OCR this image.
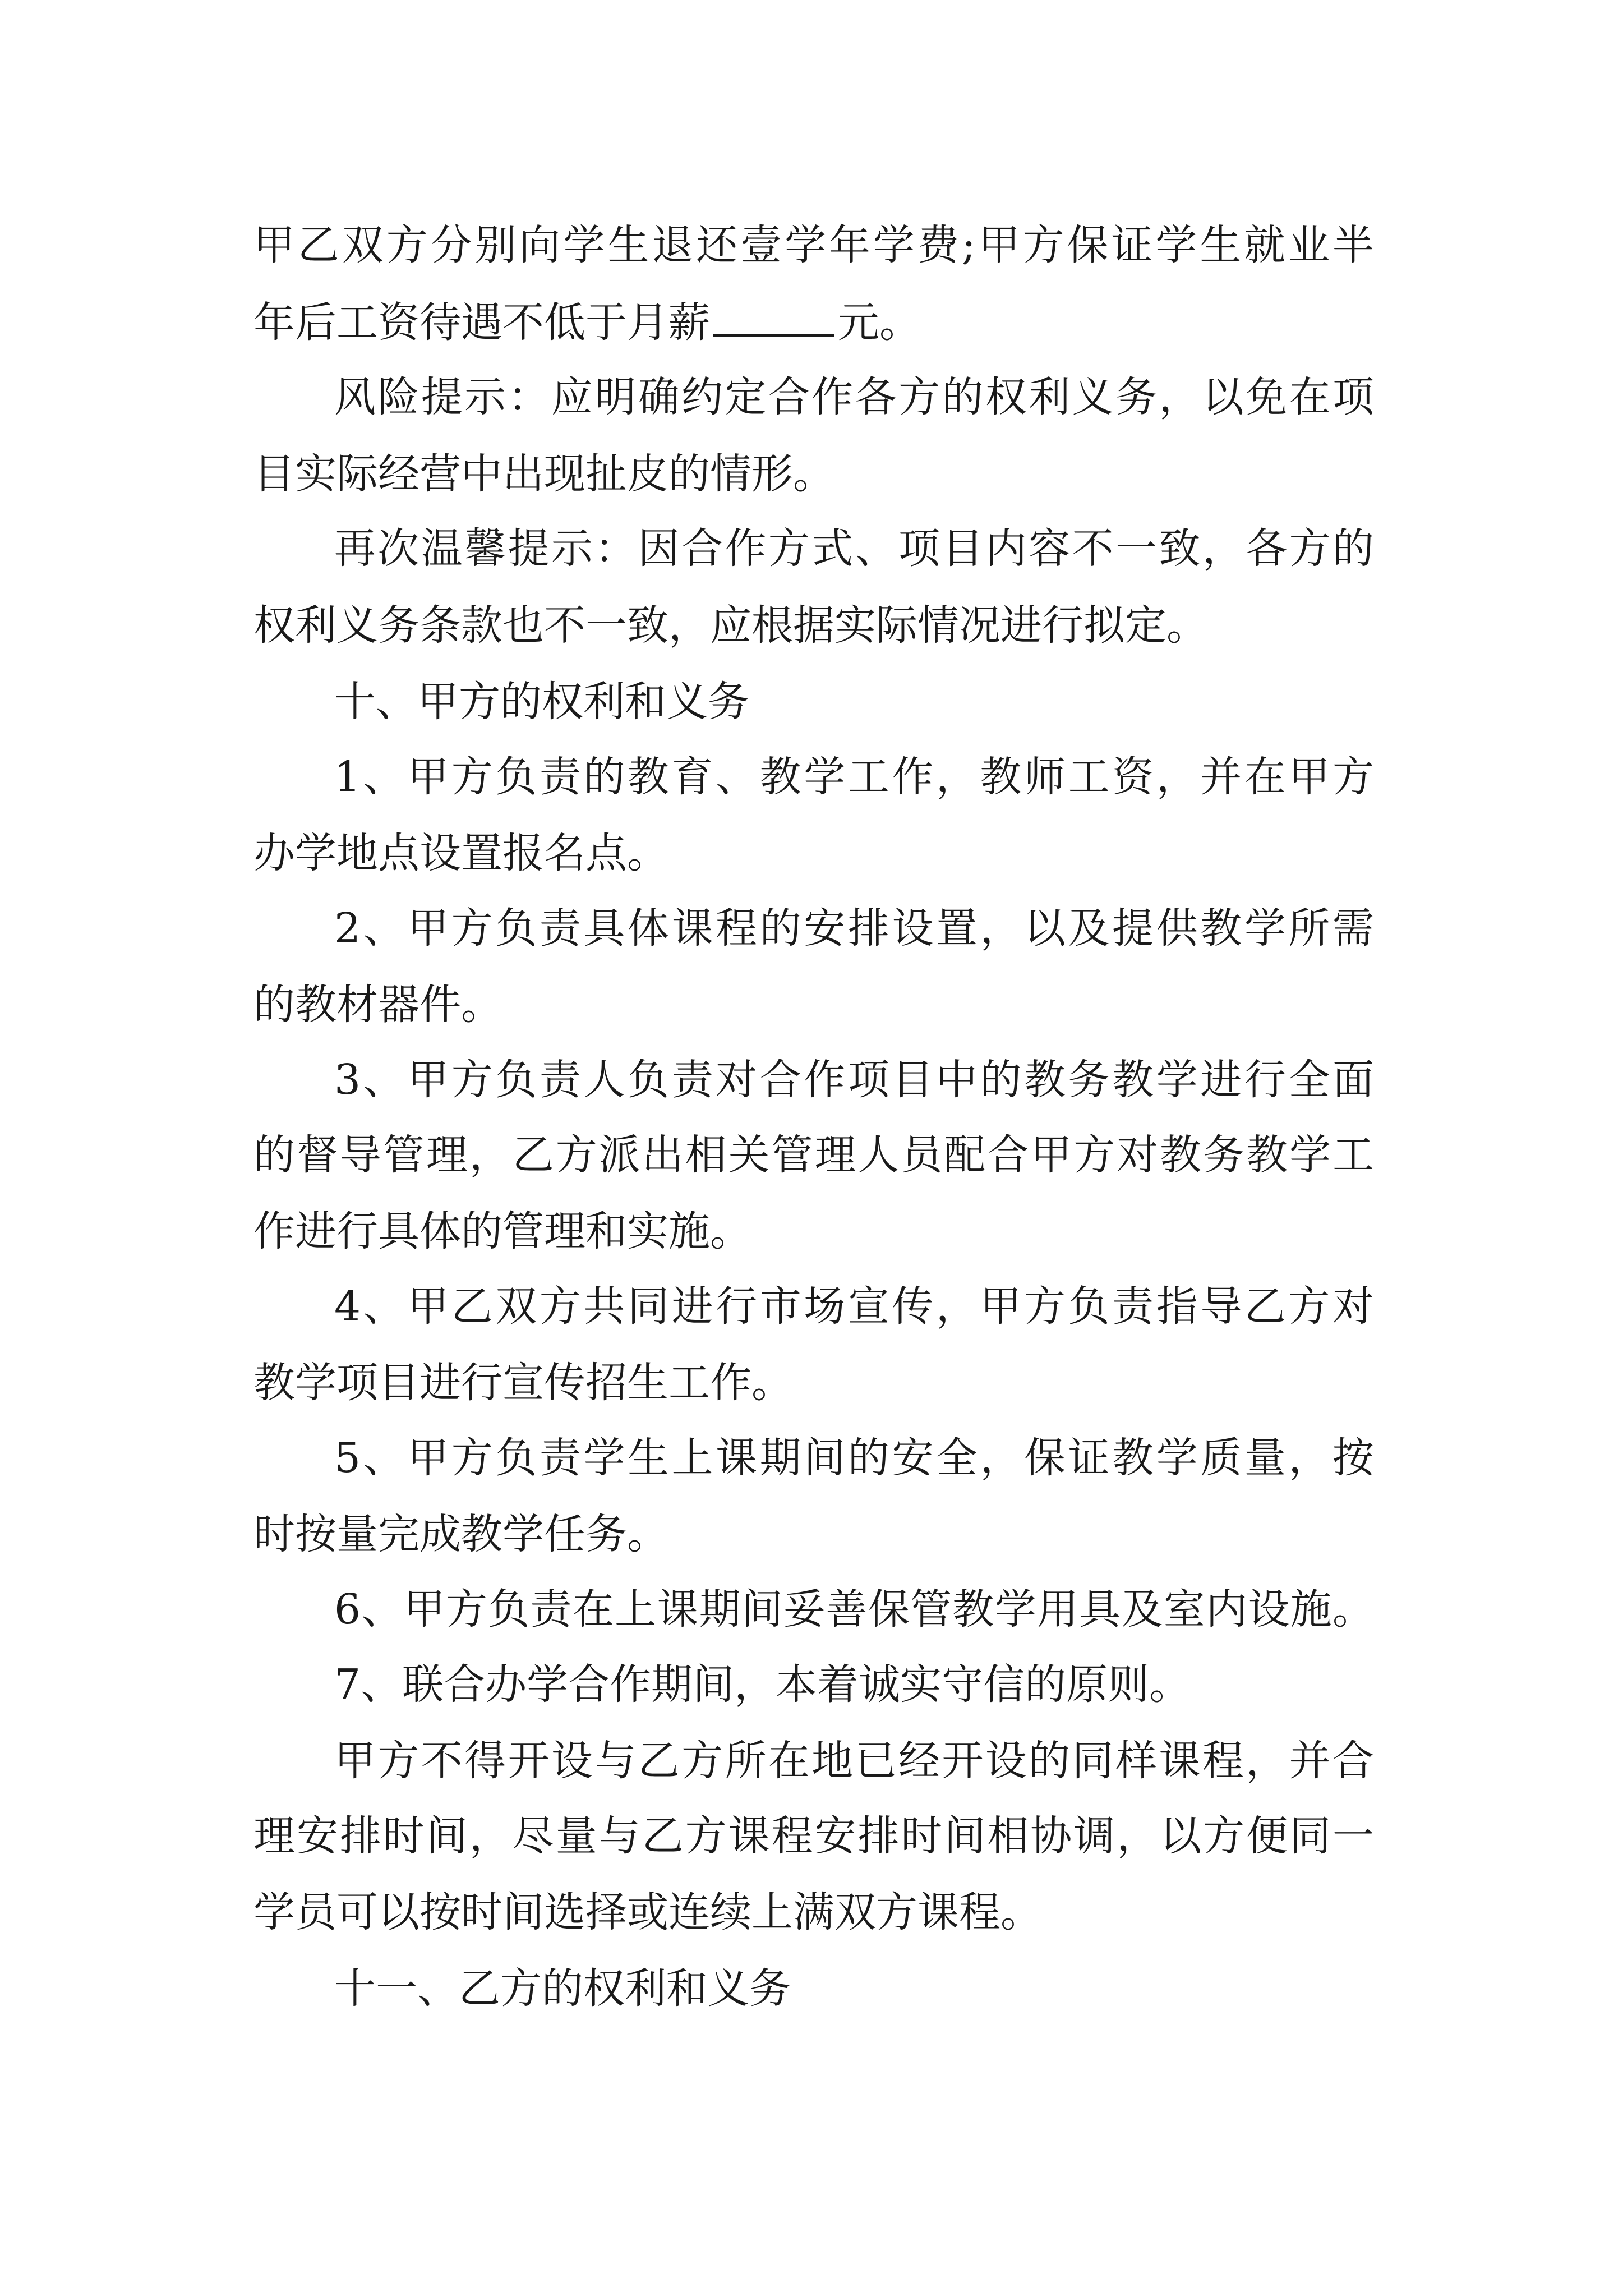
甲乙双方分别向学生退还壹学年学费;甲方保证学生就业半
年后工资待遇不低于月薪	元。
风险提示：应明确约定合作各方的权利义务，以免在项
目实际经营中出现扯皮的情形。
再次温馨提示：因合作方式、项目内容不一致，各方的
权利义务条款也不一致，应根据实际情况进行拟定。
十、甲方的权利和义务
1、甲方负责的教育、教学工作，教师工资，并在甲方
办学地点设置报名点。
2、甲方负责具体课程的安排设置，以及提供教学所需
的教材器件。
3、甲方负责人负责对合作项目中的教务教学进行全面
的督导管理，乙方派出相关管理人员配合甲方对教务教学工
作进行具体的管理和实施。
4、甲乙双方共同进行市场宣传，甲方负责指导乙方对
教学项目进行宣传招生工作。
5、甲方负责学生上课期间的安全，保证教学质量，按
时按量完成教学任务。
6、甲方负责在上课期间妥善保管教学用具及室内设施。
7、联合办学合作期间，本着诚实守信的原则。
甲方不得开设与乙方所在地已经开设的同样课程，并合
理安排时间，尽量与乙方课程安排时间相协调，以方便同一
学员可以按时间选择或连续上满双方课程。
十一、乙方的权利和义务
